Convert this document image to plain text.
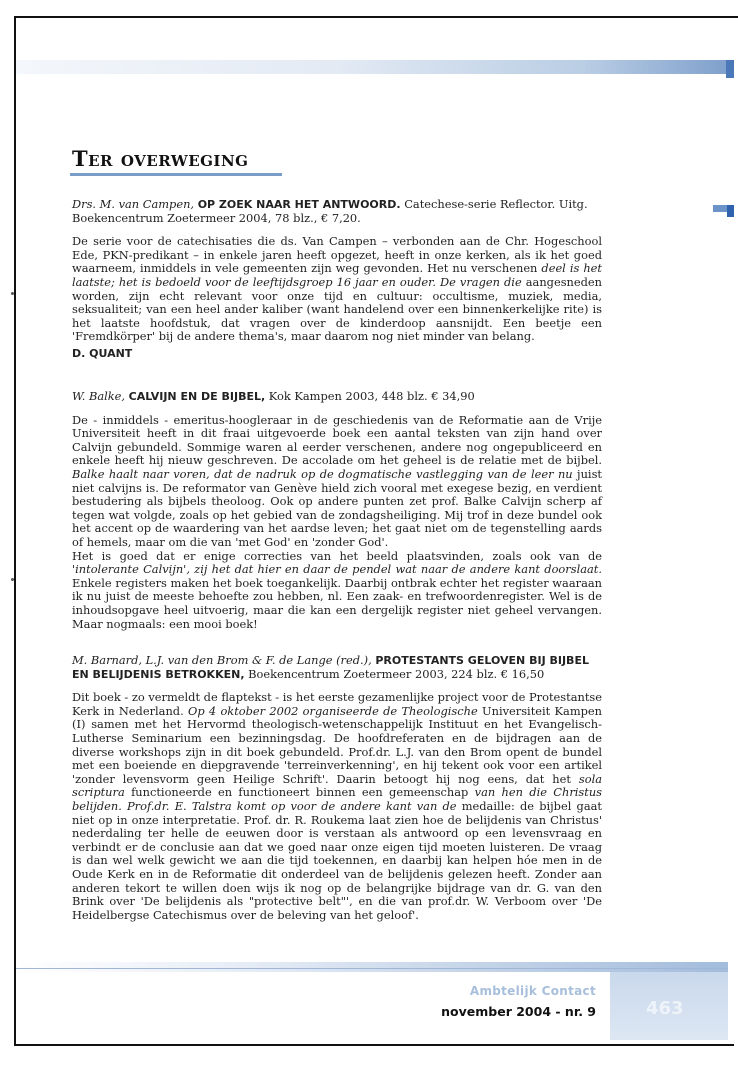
Ter overweging

Drs. M. van Campen, OP ZOEK NAAR HET ANTWOORD. Catechese-serie Reflector. Uitg. Boekencentrum Zoetermeer 2004, 78 blz., € 7,20.

De serie voor de catechisaties die ds. Van Campen – verbonden aan de Chr. Hogeschool Ede, PKN-predikant – in enkele jaren heeft opgezet, heeft in onze kerken, als ik het goed waarneem, inmiddels in vele gemeenten zijn weg gevonden. Het nu verschenen deel is het laatste; het is bedoeld voor de leeftijdsgroep 16 jaar en ouder. De vragen die aangesneden worden, zijn echt relevant voor onze tijd en cultuur: occultisme, muziek, media, seksualiteit; van een heel ander kaliber (want handelend over een binnenkerkelijke rite) is het laatste hoofdstuk, dat vragen over de kinderdoop aansnijdt. Een beetje een 'Fremdkörper' bij de andere thema's, maar daarom nog niet minder van belang.

D. QUANT

W. Balke, CALVIJN EN DE BIJBEL, Kok Kampen 2003, 448 blz. € 34,90

De - inmiddels - emeritus-hoogleraar in de geschiedenis van de Reformatie aan de Vrije Universiteit heeft in dit fraai uitgevoerde boek een aantal teksten van zijn hand over Calvijn gebundeld. Sommige waren al eerder verschenen, andere nog ongepubliceerd en enkele heeft hij nieuw geschreven. De accolade om het geheel is de relatie met de bijbel. Balke haalt naar voren, dat de nadruk op de dogmatische vastlegging van de leer nu juist niet calvijns is. De reformator van Genève hield zich vooral met exegese bezig, en verdient bestudering als bijbels theoloog. Ook op andere punten zet prof. Balke Calvijn scherp af tegen wat volgde, zoals op het gebied van de zondagsheiliging. Mij trof in deze bundel ook het accent op de waardering van het aardse leven; het gaat niet om de tegenstelling aards of hemels, maar om die van 'met God' en 'zonder God'.

Het is goed dat er enige correcties van het beeld plaatsvinden, zoals ook van de 'intolerante Calvijn', zij het dat hier en daar de pendel wat naar de andere kant doorslaat. Enkele registers maken het boek toegankelijk. Daarbij ontbrak echter het register waaraan ik nu juist de meeste behoefte zou hebben, nl. Een zaak- en trefwoordenregister. Wel is de inhoudsopgave heel uitvoerig, maar die kan een dergelijk register niet geheel vervangen. Maar nogmaals: een mooi boek!

M. Barnard, L.J. van den Brom & F. de Lange (red.), PROTESTANTS GELOVEN BIJ BIJBEL EN BELIJDENIS BETROKKEN, Boekencentrum Zoetermeer 2003, 224 blz. € 16,50

Dit boek - zo vermeldt de flaptekst - is het eerste gezamenlijke project voor de Protestantse Kerk in Nederland. Op 4 oktober 2002 organiseerde de Theologische Universiteit Kampen (I) samen met het Hervormd theologisch-wetenschappelijk Instituut en het Evangelisch-Lutherse Seminarium een bezinningsdag. De hoofdreferaten en de bijdragen aan de diverse workshops zijn in dit boek gebundeld. Prof.dr. L.J. van den Brom opent de bundel met een boeiende en diepgravende 'terreinverkenning', en hij tekent ook voor een artikel 'zonder levensvorm geen Heilige Schrift'. Daarin betoogt hij nog eens, dat het sola scriptura functioneerde en functioneert binnen een gemeenschap van hen die Christus belijden. Prof.dr. E. Talstra komt op voor de andere kant van de medaille: de bijbel gaat niet op in onze interpretatie. Prof. dr. R. Roukema laat zien hoe de belijdenis van Christus' nederdaling ter helle de eeuwen door is verstaan als antwoord op een levensvraag en verbindt er de conclusie aan dat we goed naar onze eigen tijd moeten luisteren. De vraag is dan wel welk gewicht we aan die tijd toekennen, en daarbij kan helpen hóe men in de Oude Kerk en in de Reformatie dit onderdeel van de belijdenis gelezen heeft. Zonder aan anderen tekort te willen doen wijs ik nog op de belangrijke bijdrage van dr. G. van den Brink over 'De belijdenis als "protective belt"', en die van prof.dr. W. Verboom over 'De Heidelbergse Catechismus over de beleving van het geloof'.

463
Ambtelijk Contact
november 2004 - nr. 9
